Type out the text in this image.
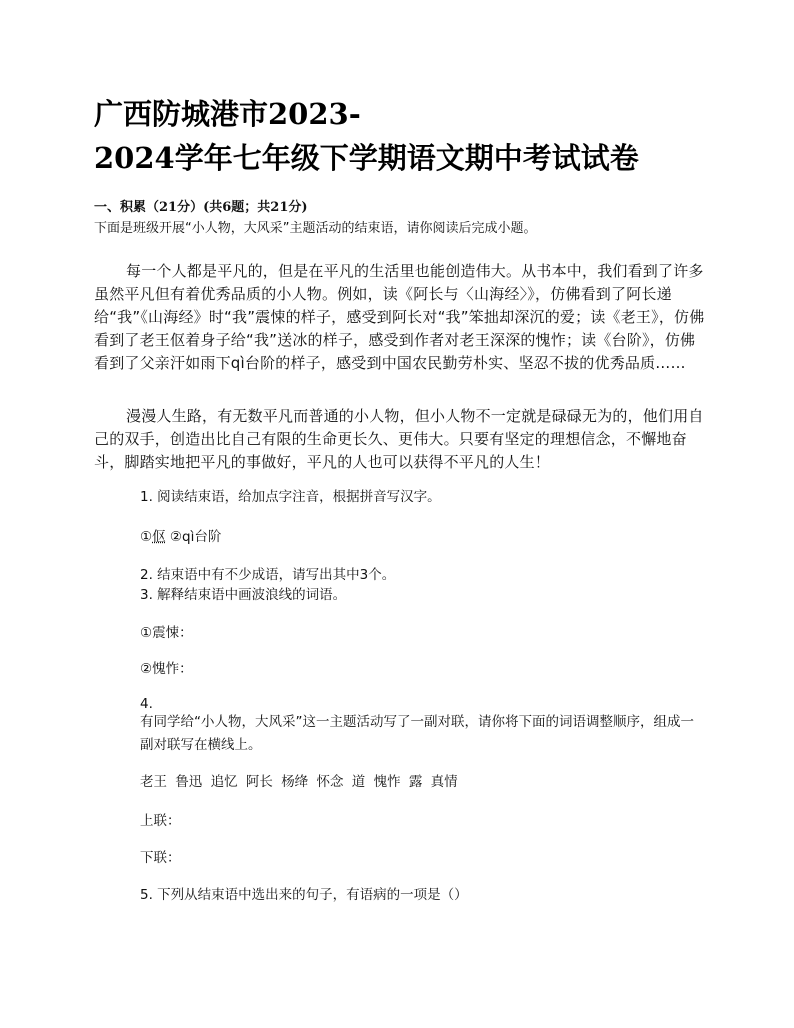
广西防城港市2023-
2024学年七年级下学期语文期中考试试卷
一、积累（21分）(共6题；共21分)
下面是班级开展“小人物，大风采”主题活动的结束语，请你阅读后完成小题。
每一个人都是平凡的，但是在平凡的生活里也能创造伟大。从书本中，我们看到了许多虽然平凡但有着优秀品质的小人物。例如，读《阿长与〈山海经〉》，仿佛看到了阿长递给“我”《山海经》时“我”震悚的样子，感受到阿长对“我”笨拙却深沉的爱；读《老王》，仿佛看到了老王伛着身子给“我”送冰的样子，感受到作者对老王深深的愧怍；读《台阶》，仿佛看到了父亲汗如雨下qì台阶的样子，感受到中国农民勤劳朴实、坚忍不拔的优秀品质……
漫漫人生路，有无数平凡而普通的小人物，但小人物不一定就是碌碌无为的，他们用自己的双手，创造出比自己有限的生命更长久、更伟大。只要有坚定的理想信念，不懈地奋斗，脚踏实地把平凡的事做好，平凡的人也可以获得不平凡的人生！
1. 阅读结束语，给加点字注音，根据拼音写汉字。
①伛 ②qì台阶
2. 结束语中有不少成语，请写出其中3个。
3. 解释结束语中画波浪线的词语。
①震悚：
②愧怍：
4.
有同学给“小人物，大风采”这一主题活动写了一副对联，请你将下面的词语调整顺序，组成一副对联写在横线上。
老王 鲁迅 追忆 阿长 杨绛 怀念 道 愧怍 露 真情
上联：
下联：
5. 下列从结束语中选出来的句子，有语病的一项是（）
